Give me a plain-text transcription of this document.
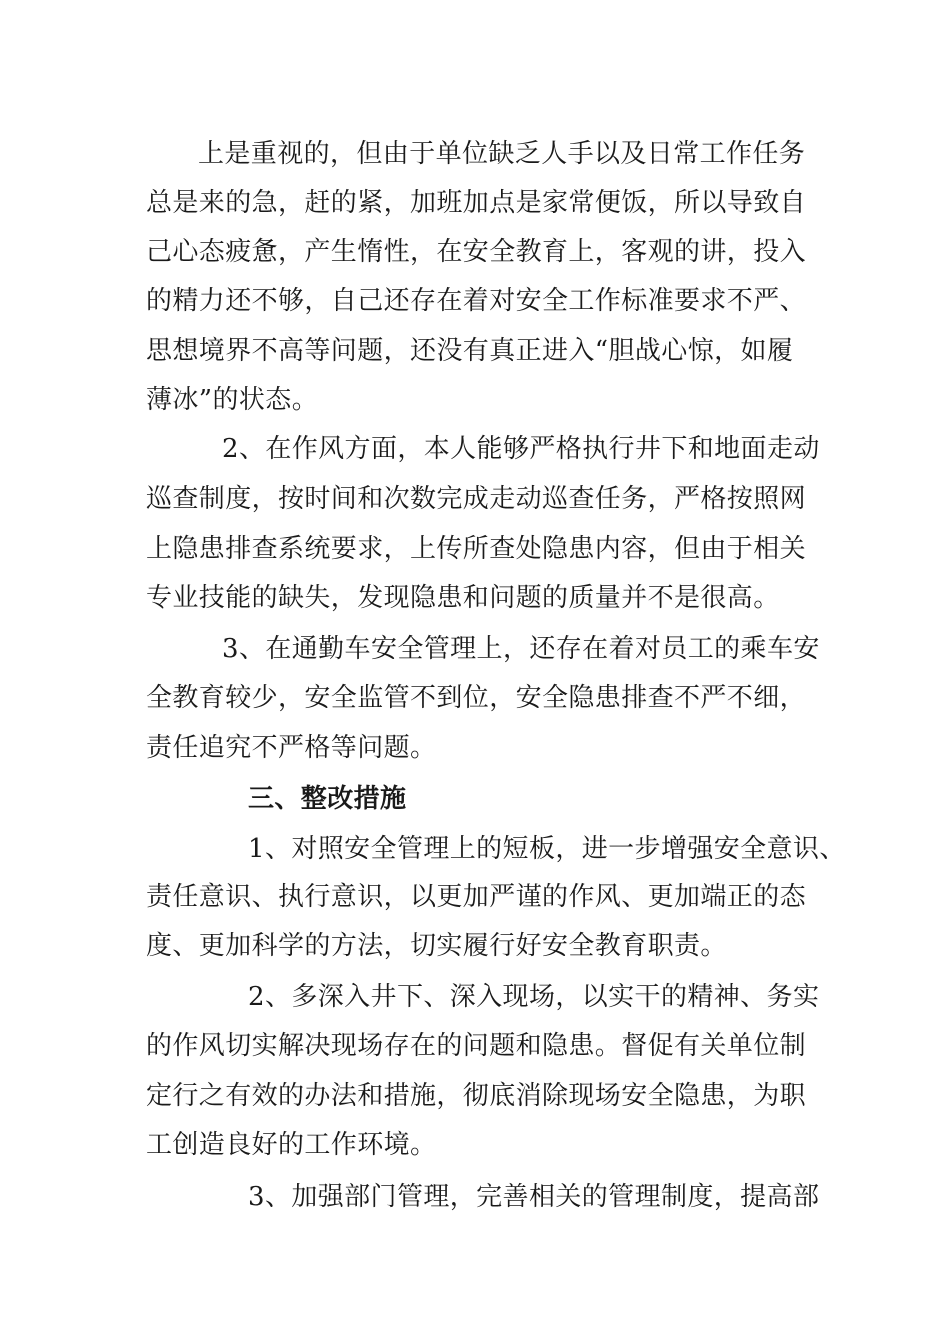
上是重视的，但由于单位缺乏人手以及日常工作任务

总是来的急，赶的紧，加班加点是家常便饭，所以导致自

己心态疲惫，产生惰性，在安全教育上，客观的讲，投入

的精力还不够，自己还存在着对安全工作标准要求不严、

思想境界不高等问题，还没有真正进入“胆战心惊，如履

薄冰”的状态。

2、在作风方面，本人能够严格执行井下和地面走动

巡查制度，按时间和次数完成走动巡查任务，严格按照网

上隐患排查系统要求，上传所查处隐患内容，但由于相关

专业技能的缺失，发现隐患和问题的质量并不是很高。

3、在通勤车安全管理上，还存在着对员工的乘车安

全教育较少，安全监管不到位，安全隐患排查不严不细，

责任追究不严格等问题。

三、整改措施

1、对照安全管理上的短板，进一步增强安全意识、

责任意识、执行意识，以更加严谨的作风、更加端正的态

度、更加科学的方法，切实履行好安全教育职责。

2、多深入井下、深入现场，以实干的精神、务实

的作风切实解决现场存在的问题和隐患。督促有关单位制

定行之有效的办法和措施，彻底消除现场安全隐患，为职

工创造良好的工作环境。

3、加强部门管理，完善相关的管理制度，提高部
